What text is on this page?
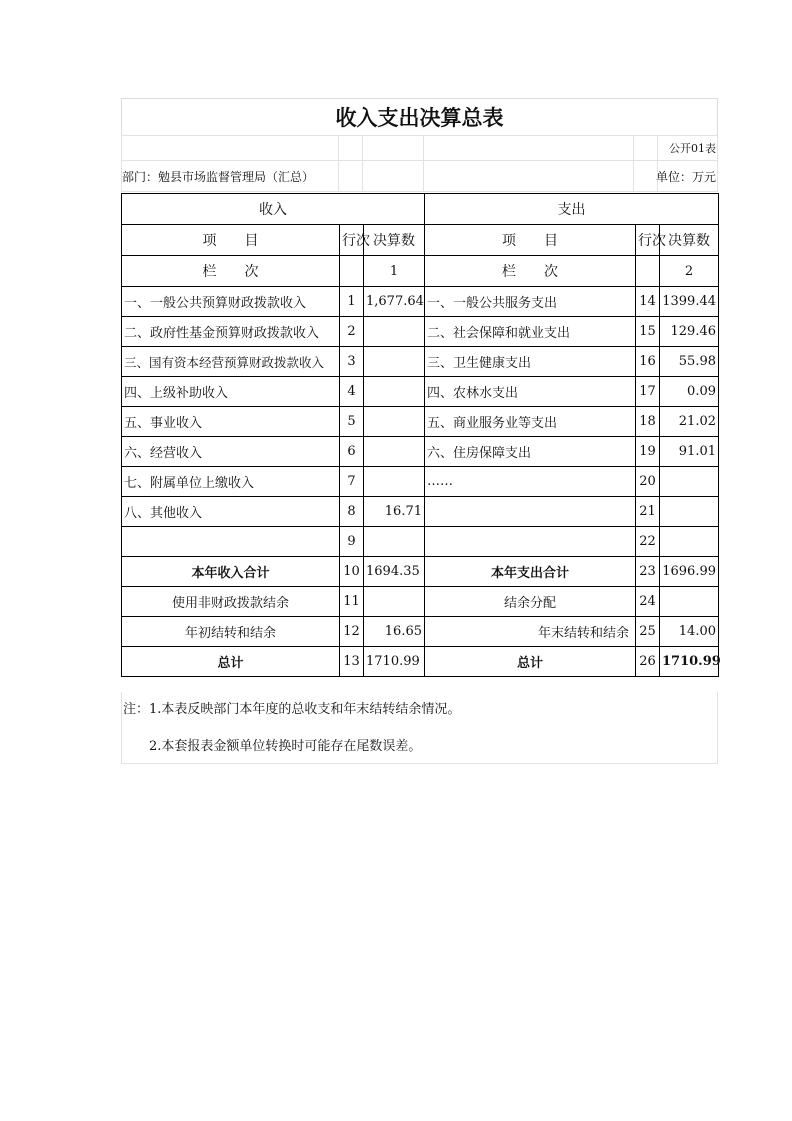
收入支出决算总表
公开01表
部门：勉县市场监督管理局（汇总）	单位：万元
收入			支出		
项　　目	行次	决算数	项　　目	行次	决算数
栏　　次		1	栏　　次		2
一、一般公共预算财政拨款收入	1	1,677.64	一、一般公共服务支出	14	1399.44
二、政府性基金预算财政拨款收入	2		二、社会保障和就业支出	15	129.46
三、国有资本经营预算财政拨款收入	3		三、卫生健康支出	16	55.98
四、上级补助收入	4		四、农林水支出	17	0.09
五、事业收入	5		五、商业服务业等支出	18	21.02
六、经营收入	6		六、住房保障支出	19	91.01
七、附属单位上缴收入	7		……	20	
八、其他收入	8	16.71		21	
	9			22	
本年收入合计	10	1694.35	本年支出合计	23	1696.99
使用非财政拨款结余	11		结余分配	24	
年初结转和结余	12	16.65	年末结转和结余	25	14.00
总计	13	1710.99	总计	26	1710.99
注：1.本表反映部门本年度的总收支和年末结转结余情况。
2.本套报表金额单位转换时可能存在尾数误差。
